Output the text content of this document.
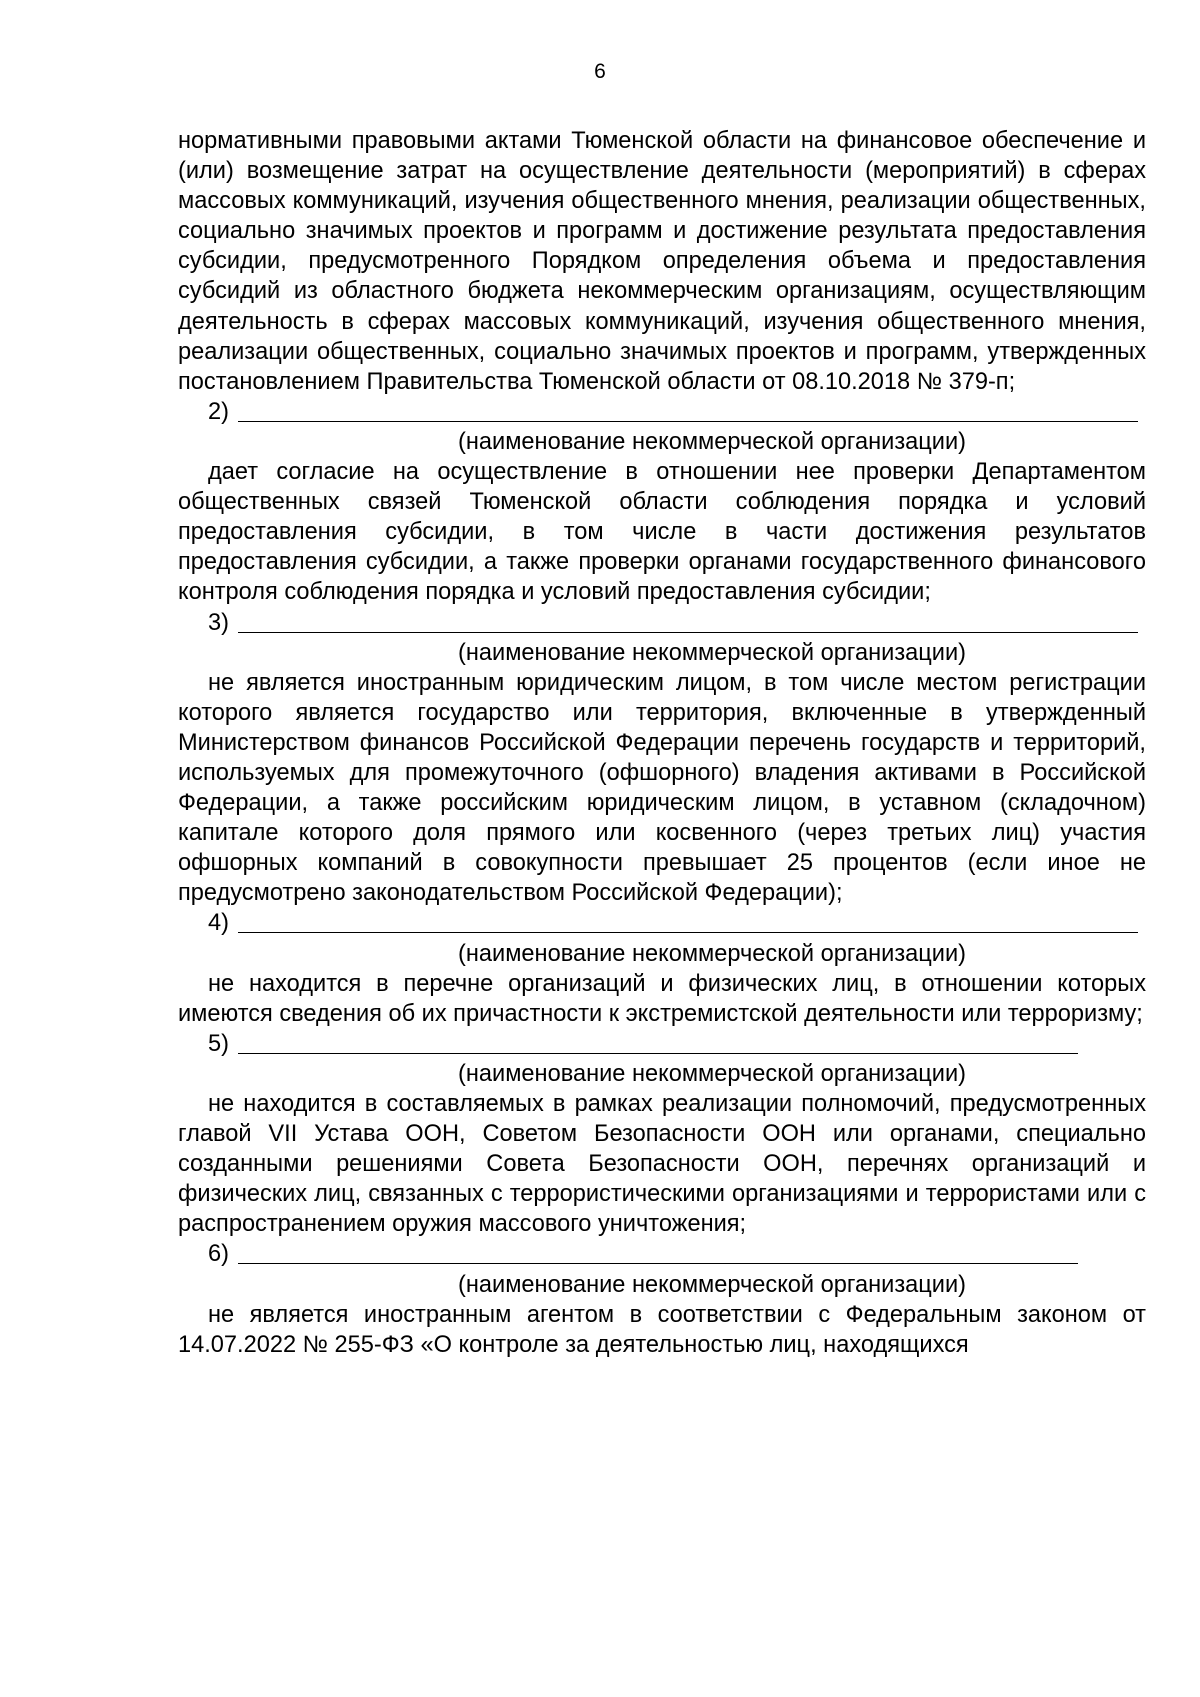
6

нормативными правовыми актами Тюменской области на финансовое обеспечение и (или) возмещение затрат на осуществление деятельности (мероприятий) в сферах массовых коммуникаций, изучения общественного мнения, реализации общественных, социально значимых проектов и программ и достижение результата предоставления субсидии, предусмотренного Порядком определения объема и предоставления субсидий из областного бюджета некоммерческим организациям, осуществляющим деятельность в сферах массовых коммуникаций, изучения общественного мнения, реализации общественных, социально значимых проектов и программ, утвержденных постановлением Правительства Тюменской области от 08.10.2018 № 379-п;

2)
(наименование некоммерческой организации)

дает согласие на осуществление в отношении нее проверки Департаментом общественных связей Тюменской области соблюдения порядка и условий предоставления субсидии, в том числе в части достижения результатов предоставления субсидии, а также проверки органами государственного финансового контроля соблюдения порядка и условий предоставления субсидии;

3)
(наименование некоммерческой организации)

не является иностранным юридическим лицом, в том числе местом регистрации которого является государство или территория, включенные в утвержденный Министерством финансов Российской Федерации перечень государств и территорий, используемых для промежуточного (офшорного) владения активами в Российской Федерации, а также российским юридическим лицом, в уставном (складочном) капитале которого доля прямого или косвенного (через третьих лиц) участия офшорных компаний в совокупности превышает 25 процентов (если иное не предусмотрено законодательством Российской Федерации);

4)
(наименование некоммерческой организации)

не находится в перечне организаций и физических лиц, в отношении которых имеются сведения об их причастности к экстремистской деятельности или терроризму;

5)
(наименование некоммерческой организации)

не находится в составляемых в рамках реализации полномочий, предусмотренных главой VII Устава ООН, Советом Безопасности ООН или органами, специально созданными решениями Совета Безопасности ООН, перечнях организаций и физических лиц, связанных с террористическими организациями и террористами или с распространением оружия массового уничтожения;

6)
(наименование некоммерческой организации)

не является иностранным агентом в соответствии с Федеральным законом от 14.07.2022 № 255-ФЗ «О контроле за деятельностью лиц, находящихся
